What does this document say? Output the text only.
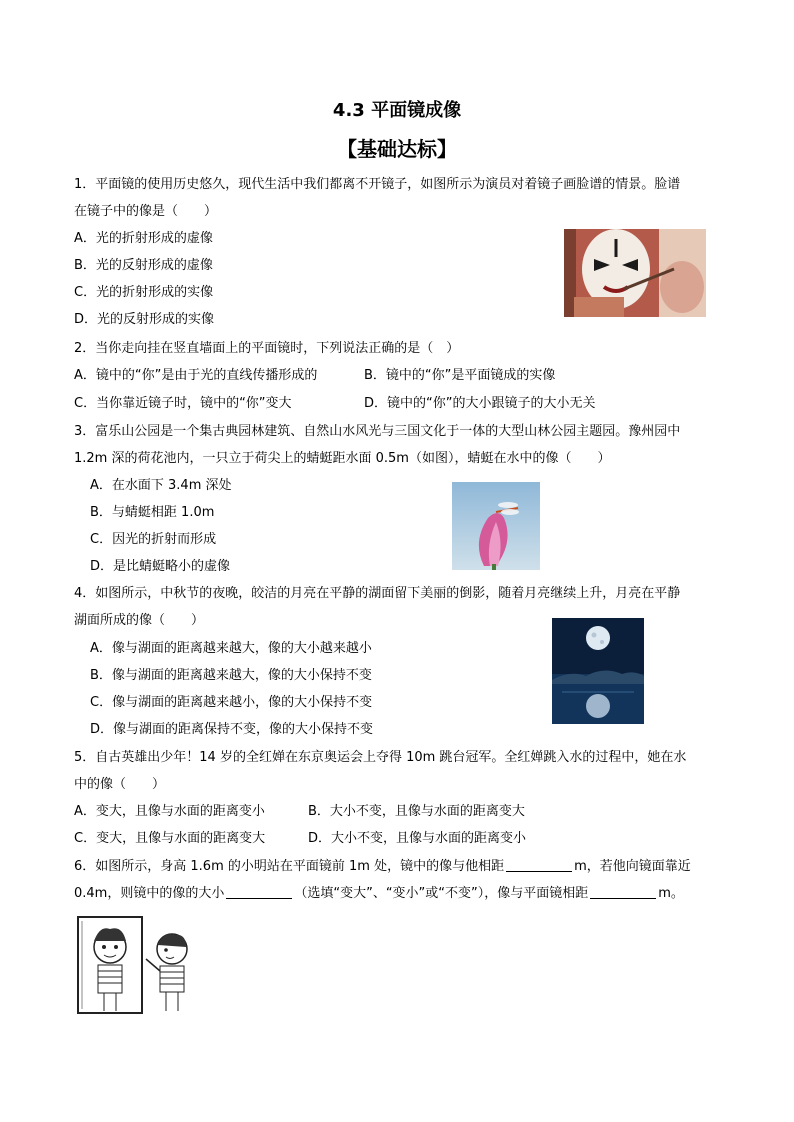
4.3 平面镜成像
【基础达标】
1．平面镜的使用历史悠久，现代生活中我们都离不开镜子，如图所示为演员对着镜子画脸谱的情景。脸谱
在镜子中的像是（　　）
A．光的折射形成的虚像
B．光的反射形成的虚像
C．光的折射形成的实像
D．光的反射形成的实像
2．当你走向挂在竖直墙面上的平面镜时，下列说法正确的是（　）
A．镜中的“你”是由于光的直线传播形成的	B．镜中的“你”是平面镜成的实像
C．当你靠近镜子时，镜中的“你”变大	D．镜中的“你”的大小跟镜子的大小无关
3．富乐山公园是一个集古典园林建筑、自然山水风光与三国文化于一体的大型山林公园主题园。豫州园中
1.2m 深的荷花池内，一只立于荷尖上的蜻蜓距水面 0.5m（如图），蜻蜓在水中的像（　　）
A．在水面下 3.4m 深处
B．与蜻蜓相距 1.0m
C．因光的折射而形成
D．是比蜻蜓略小的虚像
4．如图所示，中秋节的夜晚，皎洁的月亮在平静的湖面留下美丽的倒影，随着月亮继续上升，月亮在平静
湖面所成的像（　　）
A．像与湖面的距离越来越大，像的大小越来越小
B．像与湖面的距离越来越大，像的大小保持不变
C．像与湖面的距离越来越小，像的大小保持不变
D．像与湖面的距离保持不变，像的大小保持不变
5．自古英雄出少年！14 岁的全红婵在东京奥运会上夺得 10m 跳台冠军。全红婵跳入水的过程中，她在水
中的像（　　）
A．变大，且像与水面的距离变小	B．大小不变，且像与水面的距离变大
C．变大，且像与水面的距离变大	D．大小不变，且像与水面的距离变小
6．如图所示，身高 1.6m 的小明站在平面镜前 1m 处，镜中的像与他相距	m，若他向镜面靠近
0.4m，则镜中的像的大小	（选填“变大”、“变小”或“不变”），像与平面镜相距	m。
